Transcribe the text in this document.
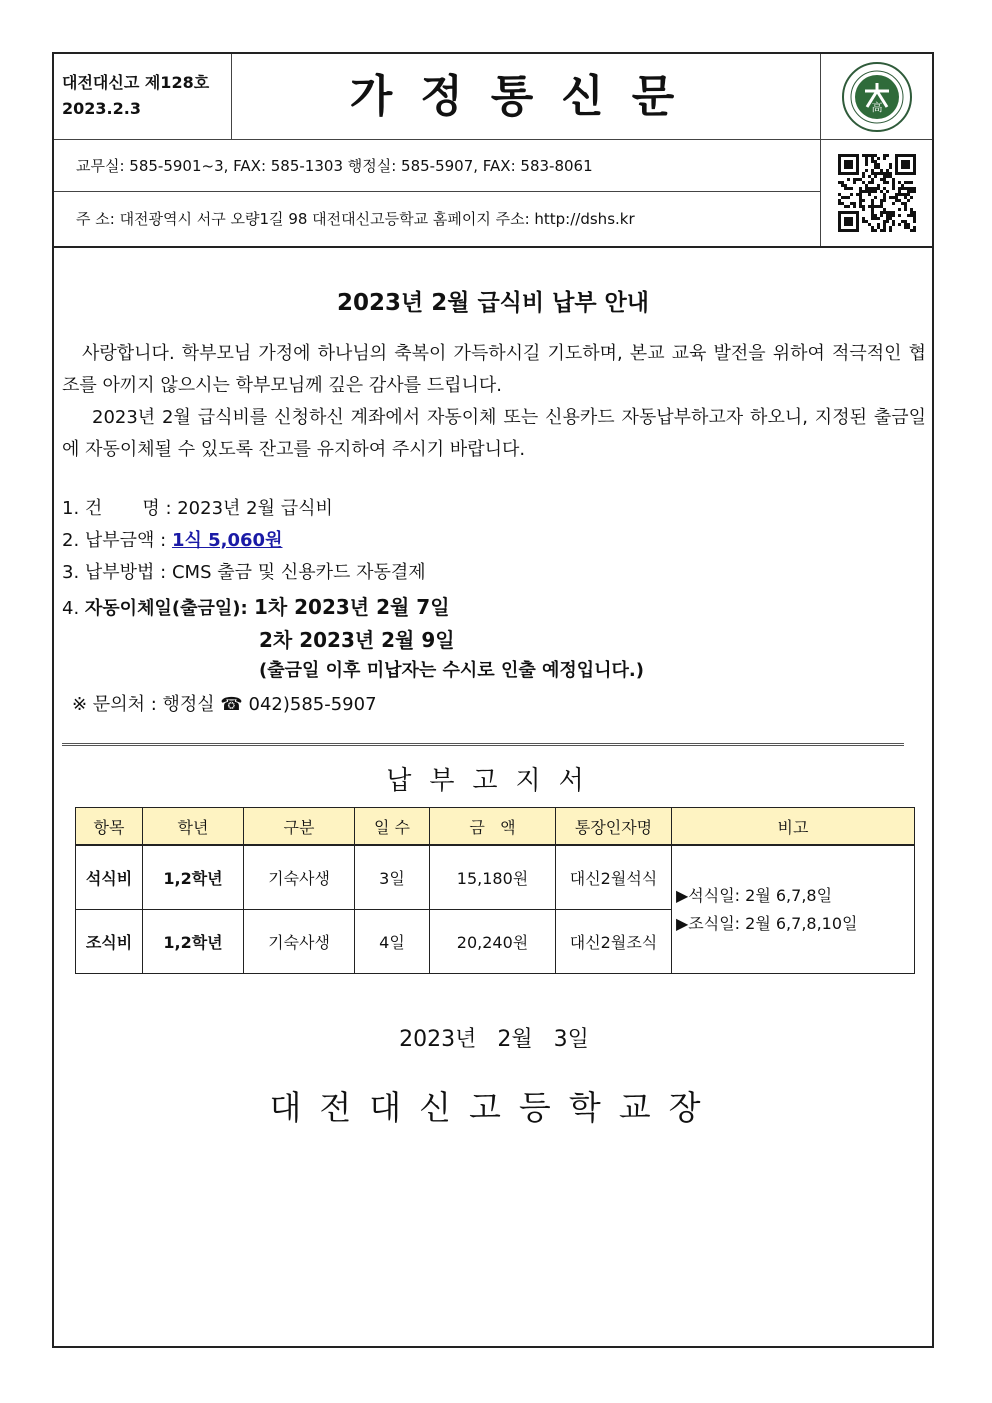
대전대신고 제128호
2023.2.3	가정통신문	高
교무실: 585-5901~3, FAX: 585-1303 행정실: 585-5907, FAX: 583-8061
주 소: 대전광역시 서구 오량1길 98 대전대신고등학교 홈페이지 주소: http://dshs.kr
2023년 2월 급식비 납부 안내
사랑합니다. 학부모님 가정에 하나님의 축복이 가득하시길 기도하며, 본교 교육 발전을 위하여 적극적인 협조를 아끼지 않으시는 학부모님께 깊은 감사를 드립니다.
2023년 2월 급식비를 신청하신 계좌에서 자동이체 또는 신용카드 자동납부하고자 하오니, 지정된 출금일에 자동이체될 수 있도록 잔고를 유지하여 주시기 바랍니다.
1. 건       명 : 2023년 2월 급식비
2. 납부금액 : 1식 5,060원
3. 납부방법 : CMS 출금 및 신용카드 자동결제
4. 자동이체일(출금일): 1차 2023년 2월 7일
2차 2023년 2월 9일
(출금일 이후 미납자는 수시로 인출 예정입니다.)
※ 문의처 : 행정실 ☎ 042)585-5907
납부고지서
항목	학년	구분	일 수	금   액	통장인자명	비고
석식비	1,2학년	기숙사생	3일	15,180원	대신2월석식	▶석식일: 2월 6,7,8일
▶조식일: 2월 6,7,8,10일

조식비	1,2학년	기숙사생	4일	20,240원	대신2월조식	
2023년 2월 3일
대전대신고등학교장
